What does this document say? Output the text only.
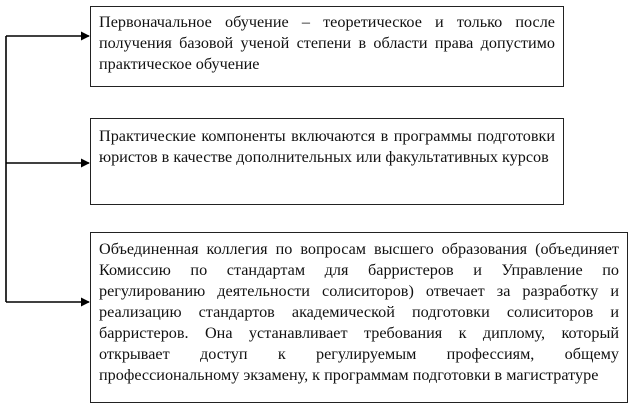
Первоначальное обучение – теоретическое и только после получения базовой ученой степени в области права допустимо практическое обучение
Практические компоненты включаются в программы подготовки юристов в качестве дополнительных или факультативных курсов
Объединенная коллегия по вопросам высшего образования (объединяет Комиссию по стандартам для барристеров и Управление по регулированию деятельности солиситоров) отвечает за разработку и реализацию стандартов академической подготовки солиситоров и барристеров. Она устанавливает требования к диплому, который открывает доступ к регулируемым профессиям, общему профессиональному экзамену, к программам подготовки в магистратуре
